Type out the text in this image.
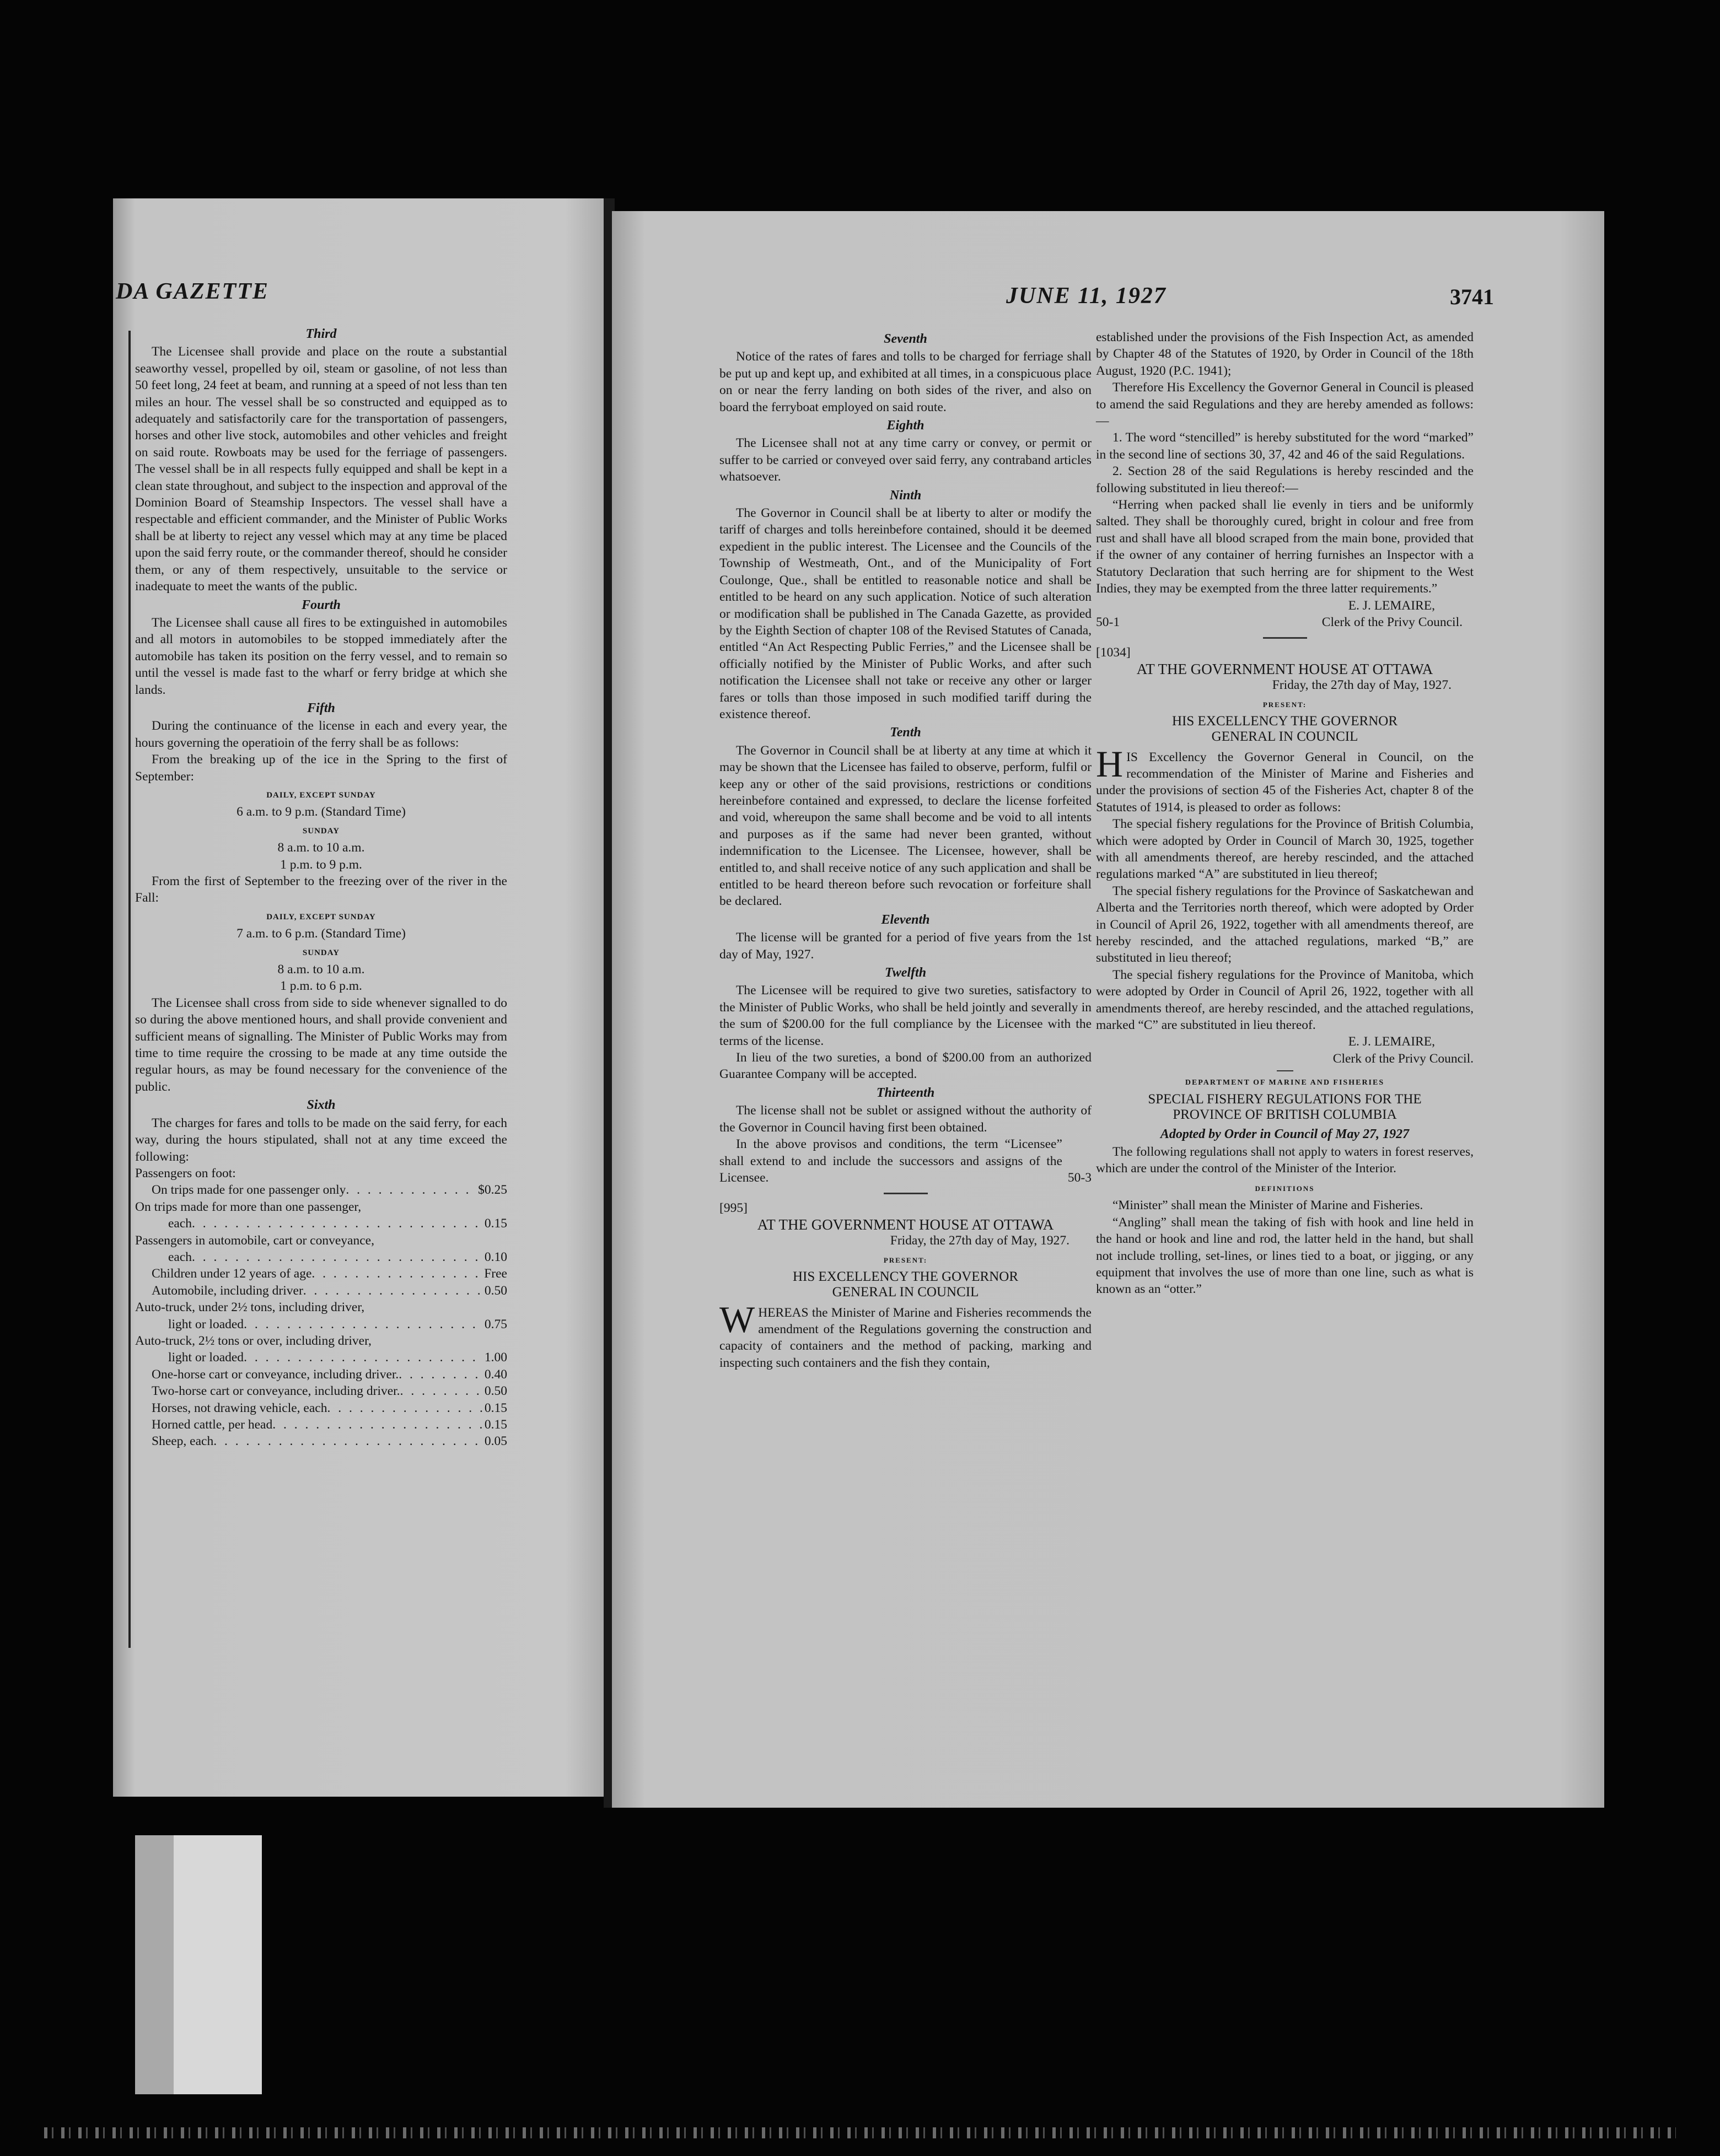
DA GAZETTE
Third

The Licensee shall provide and place on the route a substantial seaworthy vessel, propelled by oil, steam or gasoline, of not less than 50 feet long, 24 feet at beam, and running at a speed of not less than ten miles an hour. The vessel shall be so constructed and equipped as to adequately and satisfactorily care for the transportation of passengers, horses and other live stock, automobiles and other vehicles and freight on said route. Rowboats may be used for the ferriage of passengers. The vessel shall be in all respects fully equipped and shall be kept in a clean state throughout, and subject to the inspection and approval of the Dominion Board of Steamship Inspectors. The vessel shall have a respectable and efficient commander, and the Minister of Public Works shall be at liberty to reject any vessel which may at any time be placed upon the said ferry route, or the commander thereof, should he consider them, or any of them respectively, unsuitable to the service or inadequate to meet the wants of the public.

Fourth

The Licensee shall cause all fires to be extinguished in automobiles and all motors in automobiles to be stopped immediately after the automobile has taken its position on the ferry vessel, and to remain so until the vessel is made fast to the wharf or ferry bridge at which she lands.

Fifth

During the continuance of the license in each and every year, the hours governing the operatioin of the ferry shall be as follows:

From the breaking up of the ice in the Spring to the first of September:

DAILY, EXCEPT SUNDAY
6 a.m. to 9 p.m. (Standard Time)
SUNDAY
8 a.m. to 10 a.m.
1 p.m. to 9 p.m.

From the first of September to the freezing over of the river in the Fall:

DAILY, EXCEPT SUNDAY
7 a.m. to 6 p.m. (Standard Time)
SUNDAY
8 a.m. to 10 a.m.
1 p.m. to 6 p.m.

The Licensee shall cross from side to side whenever signalled to do so during the above mentioned hours, and shall provide convenient and sufficient means of signalling. The Minister of Public Works may from time to time require the crossing to be made at any time outside the regular hours, as may be found necessary for the convenience of the public.

Sixth

The charges for fares and tolls to be made on the said ferry, for each way, during the hours stipulated, shall not at any time exceed the following:

Passengers on foot:

On trips made for one passenger only . . .	$0.25
On trips made for more than one passenger,
each . . .	0.15
Passengers in automobile, cart or conveyance,
each . . .	0.10
Children under 12 years of age . . .	Free
Automobile, including driver . . .	0.50
Auto-truck, under 2½ tons, including driver,
light or loaded . . .	0.75
Auto-truck, 2½ tons or over, including driver,
light or loaded . . .	1.00
One-horse cart or conveyance, including driver. . . .	0.40
Two-horse cart or conveyance, including driver. . . .	0.50
Horses, not drawing vehicle, each . . .	0.15
Horned cattle, per head . . .	0.15
Sheep, each . . .	0.05
JUNE 11, 1927	3741
Seventh

Notice of the rates of fares and tolls to be charged for ferriage shall be put up and kept up, and exhibited at all times, in a conspicuous place on or near the ferry landing on both sides of the river, and also on board the ferryboat employed on said route.

Eighth

The Licensee shall not at any time carry or convey, or permit or suffer to be carried or conveyed over said ferry, any contraband articles whatsoever.

Ninth

The Governor in Council shall be at liberty to alter or modify the tariff of charges and tolls hereinbefore contained, should it be deemed expedient in the public interest. The Licensee and the Councils of the Township of Westmeath, Ont., and of the Municipality of Fort Coulonge, Que., shall be entitled to reasonable notice and shall be entitled to be heard on any such application. Notice of such alteration or modification shall be published in The Canada Gazette, as provided by the Eighth Section of chapter 108 of the Revised Statutes of Canada, entitled “An Act Respecting Public Ferries,” and the Licensee shall be officially notified by the Minister of Public Works, and after such notification the Licensee shall not take or receive any other or larger fares or tolls than those imposed in such modified tariff during the existence thereof.

Tenth

The Governor in Council shall be at liberty at any time at which it may be shown that the Licensee has failed to observe, perform, fulfil or keep any or other of the said provisions, restrictions or conditions hereinbefore contained and expressed, to declare the license forfeited and void, whereupon the same shall become and be void to all intents and purposes as if the same had never been granted, without indemnification to the Licensee. The Licensee, however, shall be entitled to, and shall receive notice of any such application and shall be entitled to be heard thereon before such revocation or forfeiture shall be declared.

Eleventh

The license will be granted for a period of five years from the 1st day of May, 1927.

Twelfth

The Licensee will be required to give two sureties, satisfactory to the Minister of Public Works, who shall be held jointly and severally in the sum of $200.00 for the full compliance by the Licensee with the terms of the license.

In lieu of the two sureties, a bond of $200.00 from an authorized Guarantee Company will be accepted.

Thirteenth

The license shall not be sublet or assigned without the authority of the Governor in Council having first been obtained.

In the above provisos and conditions, the term “Licensee” shall extend to and include the successors and assigns of the Licensee.	50-3
[995]
AT THE GOVERNMENT HOUSE AT OTTAWA
Friday, the 27th day of May, 1927.
PRESENT:
HIS EXCELLENCY THE GOVERNOR
GENERAL IN COUNCIL

WHEREAS the Minister of Marine and Fisheries recommends the amendment of the Regulations governing the construction and capacity of containers and the method of packing, marking and inspecting such containers and the fish they contain,

established under the provisions of the Fish Inspection Act, as amended by Chapter 48 of the Statutes of 1920, by Order in Council of the 18th August, 1920 (P.C. 1941);

Therefore His Excellency the Governor General in Council is pleased to amend the said Regulations and they are hereby amended as follows:—

1. The word “stencilled” is hereby substituted for the word “marked” in the second line of sections 30, 37, 42 and 46 of the said Regulations.

2. Section 28 of the said Regulations is hereby rescinded and the following substituted in lieu thereof:—

“Herring when packed shall lie evenly in tiers and be uniformly salted. They shall be thoroughly cured, bright in colour and free from rust and shall have all blood scraped from the main bone, provided that if the owner of any container of herring furnishes an Inspector with a Statutory Declaration that such herring are for shipment to the West Indies, they may be exempted from the three latter requirements.”

E. J. LEMAIRE,
50-1	Clerk of the Privy Council.
[1034]
AT THE GOVERNMENT HOUSE AT OTTAWA
Friday, the 27th day of May, 1927.
PRESENT:
HIS EXCELLENCY THE GOVERNOR
GENERAL IN COUNCIL

HIS Excellency the Governor General in Council, on the recommendation of the Minister of Marine and Fisheries and under the provisions of section 45 of the Fisheries Act, chapter 8 of the Statutes of 1914, is pleased to order as follows:

The special fishery regulations for the Province of British Columbia, which were adopted by Order in Council of March 30, 1925, together with all amendments thereof, are hereby rescinded, and the attached regulations marked “A” are substituted in lieu thereof;

The special fishery regulations for the Province of Saskatchewan and Alberta and the Territories north thereof, which were adopted by Order in Council of April 26, 1922, together with all amendments thereof, are hereby rescinded, and the attached regulations, marked “B,” are substituted in lieu thereof;

The special fishery regulations for the Province of Manitoba, which were adopted by Order in Council of April 26, 1922, together with all amendments thereof, are hereby rescinded, and the attached regulations, marked “C” are substituted in lieu thereof.

E. J. LEMAIRE,
Clerk of the Privy Council.
DEPARTMENT OF MARINE AND FISHERIES
SPECIAL FISHERY REGULATIONS FOR THE
PROVINCE OF BRITISH COLUMBIA
Adopted by Order in Council of May 27, 1927

The following regulations shall not apply to waters in forest reserves, which are under the control of the Minister of the Interior.

DEFINITIONS

“Minister” shall mean the Minister of Marine and Fisheries.

“Angling” shall mean the taking of fish with hook and line held in the hand or hook and line and rod, the latter held in the hand, but shall not include trolling, set-lines, or lines tied to a boat, or jigging, or any equipment that involves the use of more than one line, such as what is known as an “otter.”
